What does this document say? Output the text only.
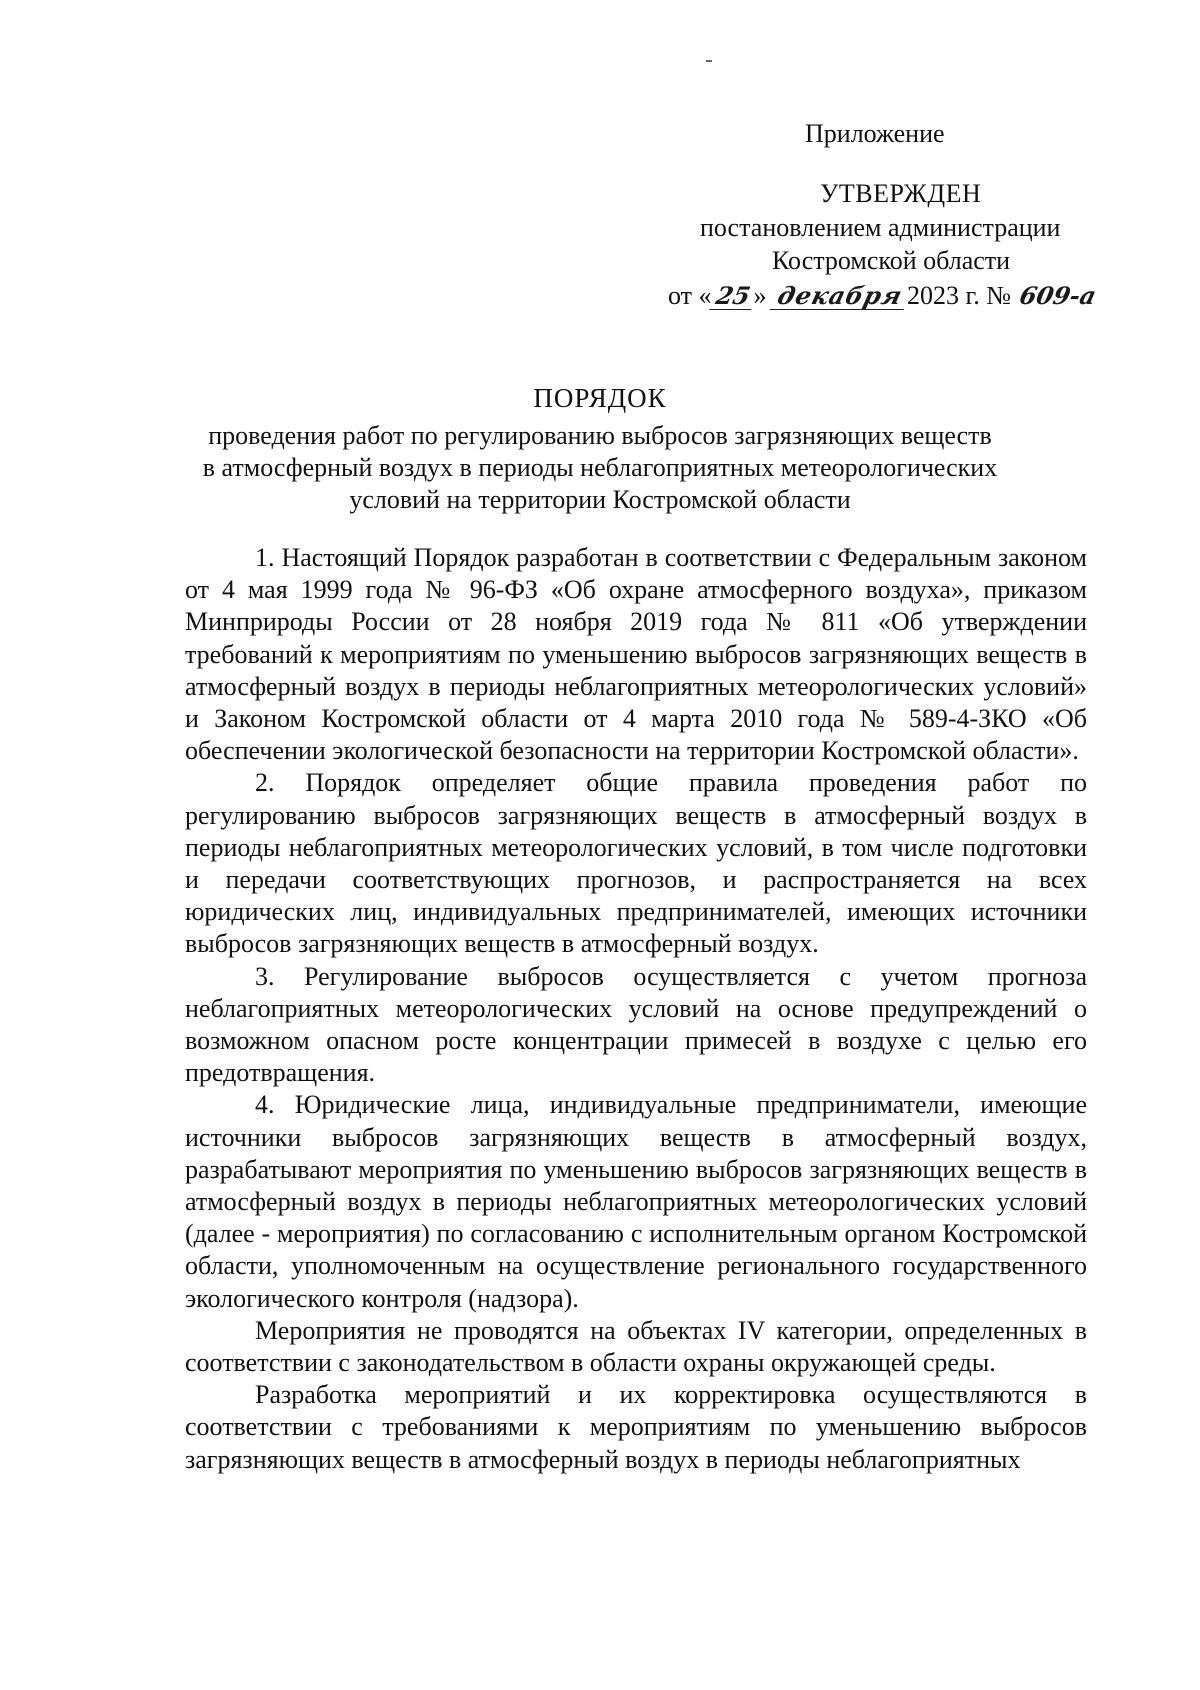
Приложение
УТВЕРЖДЕН
постановлением администрации
Костромской области
от «25» декабря2023 г. № 609-а
ПОРЯДОК
проведения работ по регулированию выбросов загрязняющих веществ
в атмосферный воздух в периоды неблагоприятных метеорологических
условий на территории Костромской области

1. Настоящий Порядок разработан в соответствии с Федеральным законом от 4 мая 1999 года № 96-ФЗ «Об охране атмосферного воздуха», приказом Минприроды России от 28 ноября 2019 года № 811 «Об утверждении требований к мероприятиям по уменьшению выбросов загрязняющих веществ в атмосферный воздух в периоды неблагоприятных метеорологических условий» и Законом Костромской области от 4 марта 2010 года № 589-4-ЗКО «Об обеспечении экологической безопасности на территории Костромской области».

2. Порядок определяет общие правила проведения работ по регулированию выбросов загрязняющих веществ в атмосферный воздух в периоды неблагоприятных метеорологических условий, в том числе подготовки и передачи соответствующих прогнозов, и распространяется на всех юридических лиц, индивидуальных предпринимателей, имеющих источники выбросов загрязняющих веществ в атмосферный воздух.

3. Регулирование выбросов осуществляется с учетом прогноза неблагоприятных метеорологических условий на основе предупреждений о возможном опасном росте концентрации примесей в воздухе с целью его предотвращения.

4. Юридические лица, индивидуальные предприниматели, имеющие источники выбросов загрязняющих веществ в атмосферный воздух, разрабатывают мероприятия по уменьшению выбросов загрязняющих веществ в атмосферный воздух в периоды неблагоприятных метеорологических условий (далее - мероприятия) по согласованию с исполнительным органом Костромской области, уполномоченным на осуществление регионального государственного экологического контроля (надзора).

Мероприятия не проводятся на объектах IV категории, определенных в соответствии с законодательством в области охраны окружающей среды.

Разработка мероприятий и их корректировка осуществляются в соответствии с требованиями к мероприятиям по уменьшению выбросов загрязняющих веществ в атмосферный воздух в периоды неблагоприятных
